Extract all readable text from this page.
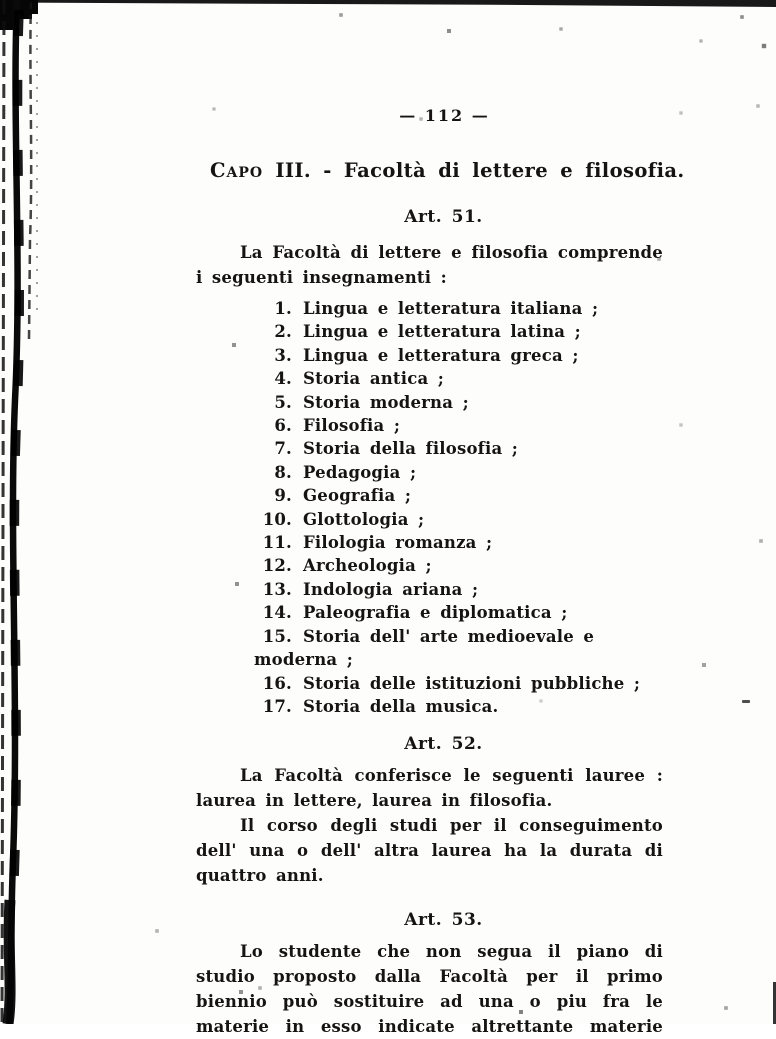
— 112 —
Capo III. - Facoltà di lettere e filosofia.
Art. 51.

La Facoltà di lettere e filosofia comprende i seguenti insegnamenti :

1. Lingua e letteratura italiana ;
2. Lingua e letteratura latina ;
3. Lingua e letteratura greca ;
4. Storia antica ;
5. Storia moderna ;
6. Filosofia ;
7. Storia della filosofia ;
8. Pedagogia ;
9. Geografia ;
10. Glottologia ;
11. Filologia romanza ;
12. Archeologia ;
13. Indologia ariana ;
14. Paleografia e diplomatica ;
15. Storia dell' arte medioevale e moderna ;
16. Storia delle istituzioni pubbliche ;
17. Storia della musica.
Art. 52.

La Facoltà conferisce le seguenti lauree : laurea in lettere, laurea in filosofia.

Il corso degli studi per il conseguimento dell' una o dell' altra laurea ha la durata di quattro anni.

Art. 53.

Lo studente che non segua il piano di studio proposto dalla Facoltà per il primo biennio può sostituire ad una o piu fra le materie in esso indicate altrettante materie
